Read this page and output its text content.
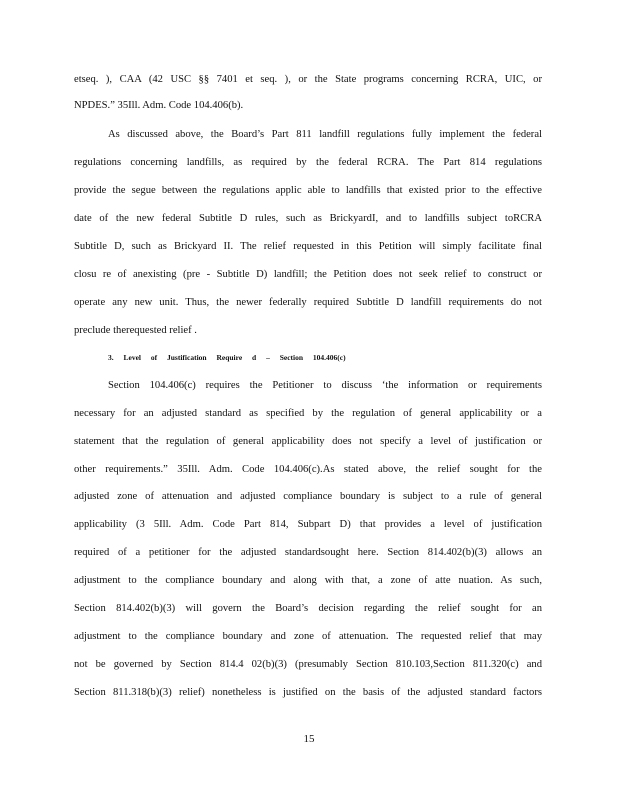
etseq. ), CAA (42 USC §§ 7401 et seq. ), or the State programs concerning RCRA, UIC, or
NPDES.” 35Ill. Adm. Code 104.406(b).
As discussed above, the Board’s Part 811 landfill regulations fully implement the federal
regulations concerning landfills, as required by the federal RCRA. The Part 814 regulations
provide the segue between the regulations applic able to landfills that existed prior to the effective
date of the new federal Subtitle D rules, such as BrickyardI, and to landfills subject toRCRA
Subtitle D, such as Brickyard II. The relief requested in this Petition will simply facilitate final
closu re of anexisting (pre - Subtitle D) landfill; the Petition does not seek relief to construct or
operate any new unit. Thus, the newer federally required Subtitle D landfill requirements do not
preclude therequested relief .
3. Level of Justification Require d – Section 104.406(c)
Section 104.406(c) requires the Petitioner to discuss ‘the information or requirements
necessary for an adjusted standard as specified by the regulation of general applicability or a
statement that the regulation of general applicability does not specify a level of justification or
other requirements.” 35Ill. Adm. Code 104.406(c).As stated above, the relief sought for the
adjusted zone of attenuation and adjusted compliance boundary is subject to a rule of general
applicability (3 5Ill. Adm. Code Part 814, Subpart D) that provides a level of justification
required of a petitioner for the adjusted standardsought here. Section 814.402(b)(3) allows an
adjustment to the compliance boundary and along with that, a zone of atte nuation. As such,
Section 814.402(b)(3) will govern the Board’s decision regarding the relief sought for an
adjustment to the compliance boundary and zone of attenuation. The requested relief that may
not be governed by Section 814.4 02(b)(3) (presumably Section 810.103,Section 811.320(c) and
Section 811.318(b)(3) relief) nonetheless is justified on the basis of the adjusted standard factors
15
